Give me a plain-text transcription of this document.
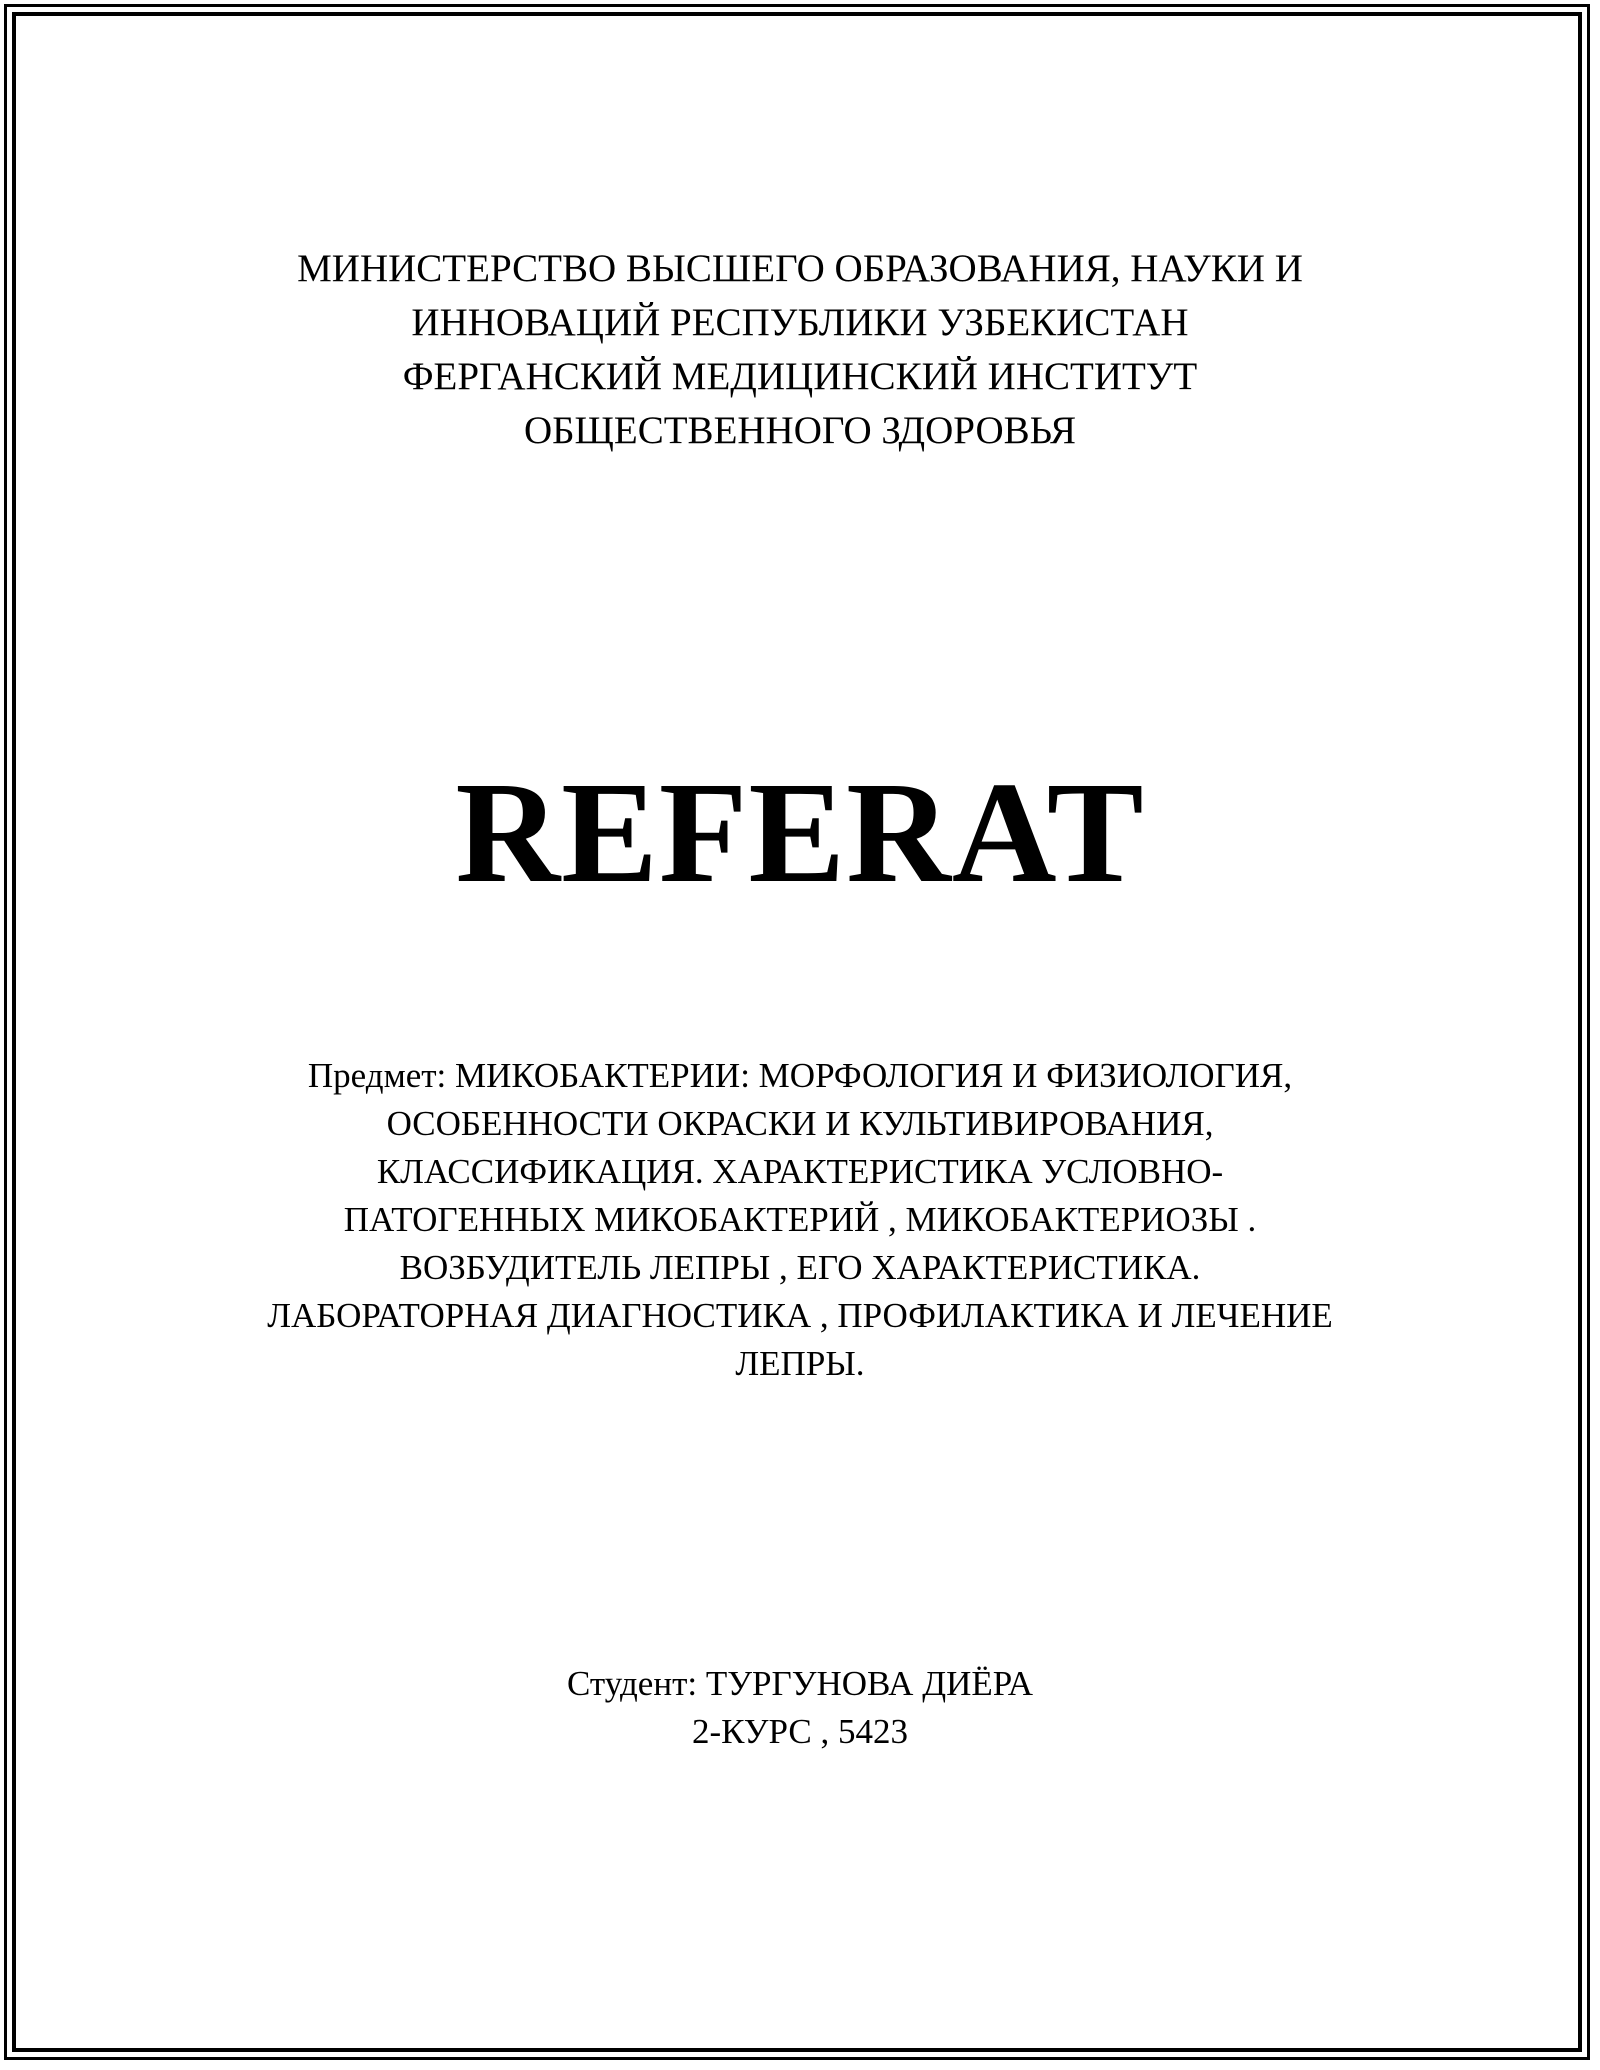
МИНИСТЕРСТВО ВЫСШЕГО ОБРАЗОВАНИЯ, НАУКИ И
ИННОВАЦИЙ РЕСПУБЛИКИ УЗБЕКИСТАН
ФЕРГАНСКИЙ МЕДИЦИНСКИЙ ИНСТИТУТ
ОБЩЕСТВЕННОГО ЗДОРОВЬЯ
REFERAT
Предмет: МИКОБАКТЕРИИ: МОРФОЛОГИЯ И ФИЗИОЛОГИЯ,
ОСОБЕННОСТИ ОКРАСКИ И КУЛЬТИВИРОВАНИЯ,
КЛАССИФИКАЦИЯ. ХАРАКТЕРИСТИКА УСЛОВНО-
ПАТОГЕННЫХ МИКОБАКТЕРИЙ , МИКОБАКТЕРИОЗЫ .
ВОЗБУДИТЕЛЬ ЛЕПРЫ , ЕГО ХАРАКТЕРИСТИКА.
ЛАБОРАТОРНАЯ ДИАГНОСТИКА , ПРОФИЛАКТИКА И ЛЕЧЕНИЕ
ЛЕПРЫ.
Студент: ТУРГУНОВА ДИЁРА
2-КУРС , 5423
